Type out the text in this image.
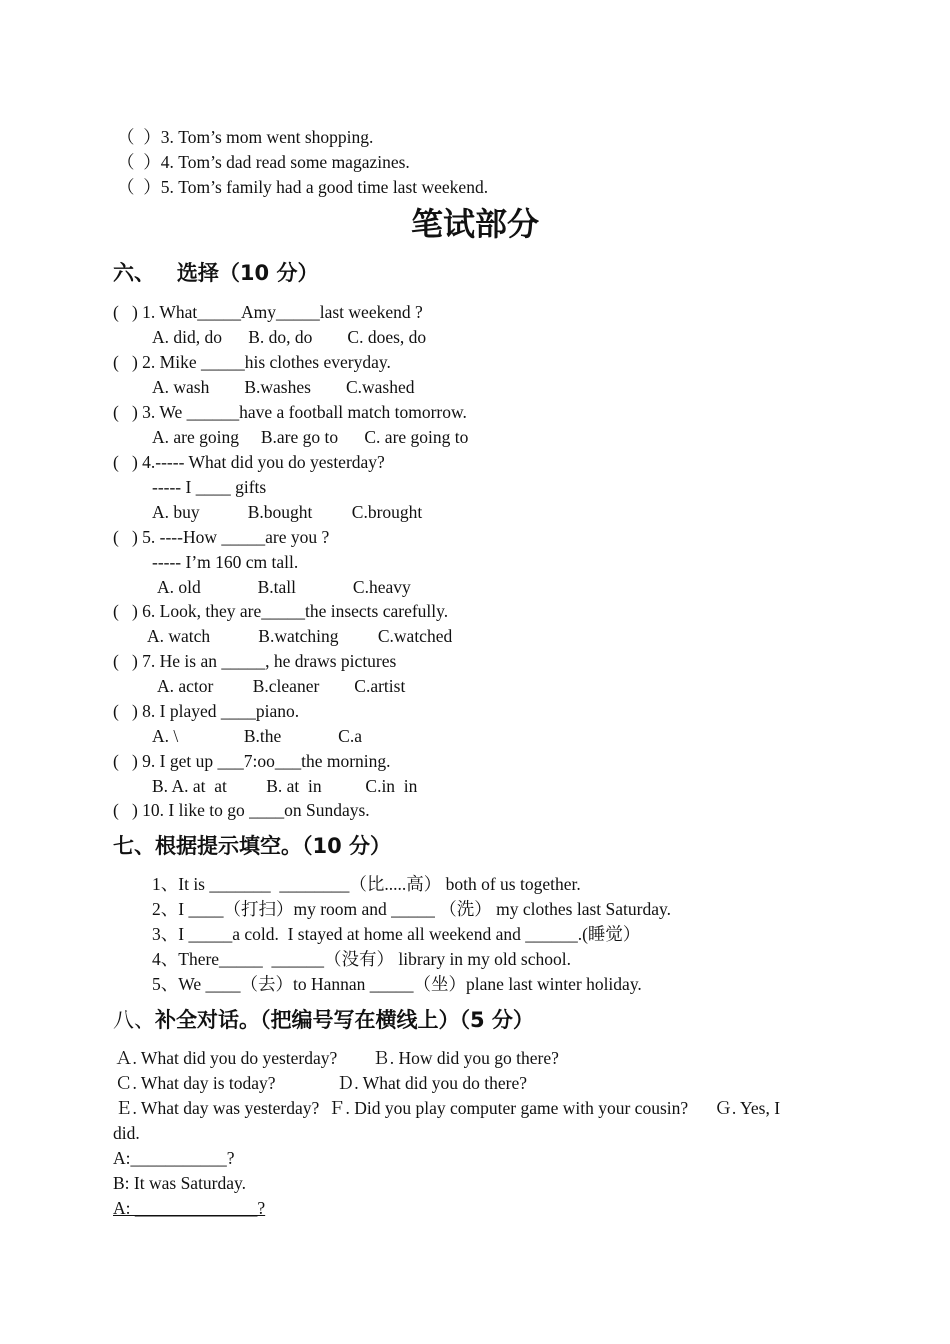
（  ）3. Tom’s mom went shopping.
（  ）4. Tom’s dad read some magazines.
（  ）5. Tom’s family had a good time last weekend.
笔试部分
六、   选择（10 分）
(   ) 1. What_____Amy_____last weekend ?
A. did, do      B. do, do        C. does, do
(   ) 2. Mike _____his clothes everyday.
A. wash        B.washes        C.washed
(   ) 3. We ______have a football match tomorrow.
A. are going     B.are go to      C. are going to
(   ) 4.----- What did you do yesterday?
----- I ____ gifts
A. buy           B.bought         C.brought
(   ) 5. ----How _____are you ?
----- I’m 160 cm tall.
A. old             B.tall             C.heavy
(   ) 6. Look, they are_____the insects carefully.
A. watch           B.watching         C.watched
(   ) 7. He is an _____, he draws pictures
A. actor         B.cleaner        C.artist
(   ) 8. I played ____piano.
A. \               B.the             C.a
(   ) 9. I get up ___7:oo___the morning.
B. A. at  at         B. at  in          C.in  in
(   ) 10. I like to go ____on Sundays.
七、根据提示填空。（10 分）
1、It is _______  ________（比.....高） both of us together.
2、I ____（打扫）my room and _____ （洗） my clothes last Saturday.
3、I _____a cold.  I stayed at home all weekend and ______.(睡觉）
4、There_____  ______（没有） library in my old school.
5、We ____（去）to Hannan _____（坐）plane last winter holiday.
八、补全对话。（把编号写在横线上）（5 分）
Ａ. What did you do yesterday?        Ｂ. How did you go there?
Ｃ. What day is today?              Ｄ. What did you do there?
Ｅ. What day was yesterday?  Ｆ. Did you play computer game with your cousin?      Ｇ. Yes, I
did.
A:___________?
B: It was Saturday.
A: ______________?
